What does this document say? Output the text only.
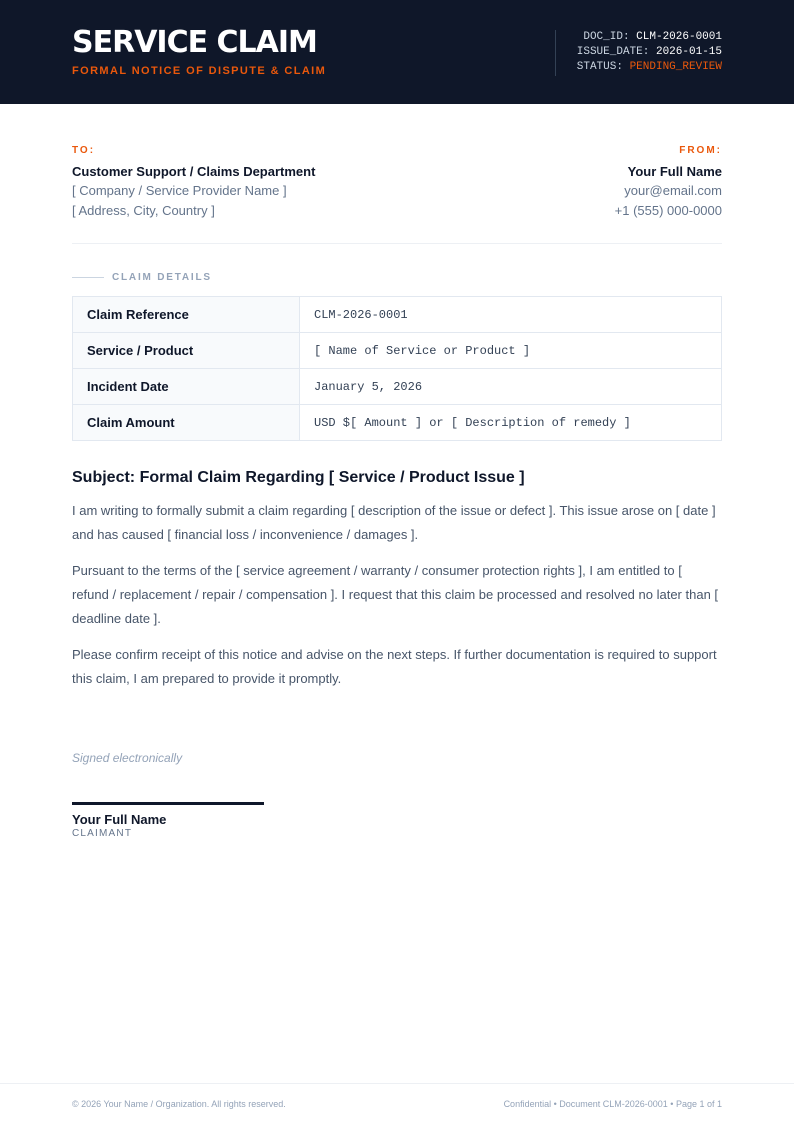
SERVICE CLAIM
FORMAL NOTICE OF DISPUTE & CLAIM
DOC_ID: CLM-2026-0001
ISSUE_DATE: 2026-01-15
STATUS: PENDING_REVIEW
TO:
Customer Support / Claims Department
[ Company / Service Provider Name ]
[ Address, City, Country ]
FROM:
Your Full Name
your@email.com
+1 (555) 000-0000
CLAIM DETAILS
Claim Reference	CLM-2026-0001
Service / Product	[ Name of Service or Product ]
Incident Date	January 5, 2026
Claim Amount	USD $[ Amount ] or [ Description of remedy ]
Subject: Formal Claim Regarding [ Service / Product Issue ]

I am writing to formally submit a claim regarding [ description of the issue or defect ]. This issue arose on [ date ] and has caused [ financial loss / inconvenience / damages ].

Pursuant to the terms of the [ service agreement / warranty / consumer protection rights ], I am entitled to [ refund / replacement / repair / compensation ]. I request that this claim be processed and resolved no later than [ deadline date ].

Please confirm receipt of this notice and advise on the next steps. If further documentation is required to support this claim, I am prepared to provide it promptly.

Signed electronically
Your Full Name
CLAIMANT
© 2026 Your Name / Organization. All rights reserved.	Confidential • Document CLM-2026-0001 • Page 1 of 1
